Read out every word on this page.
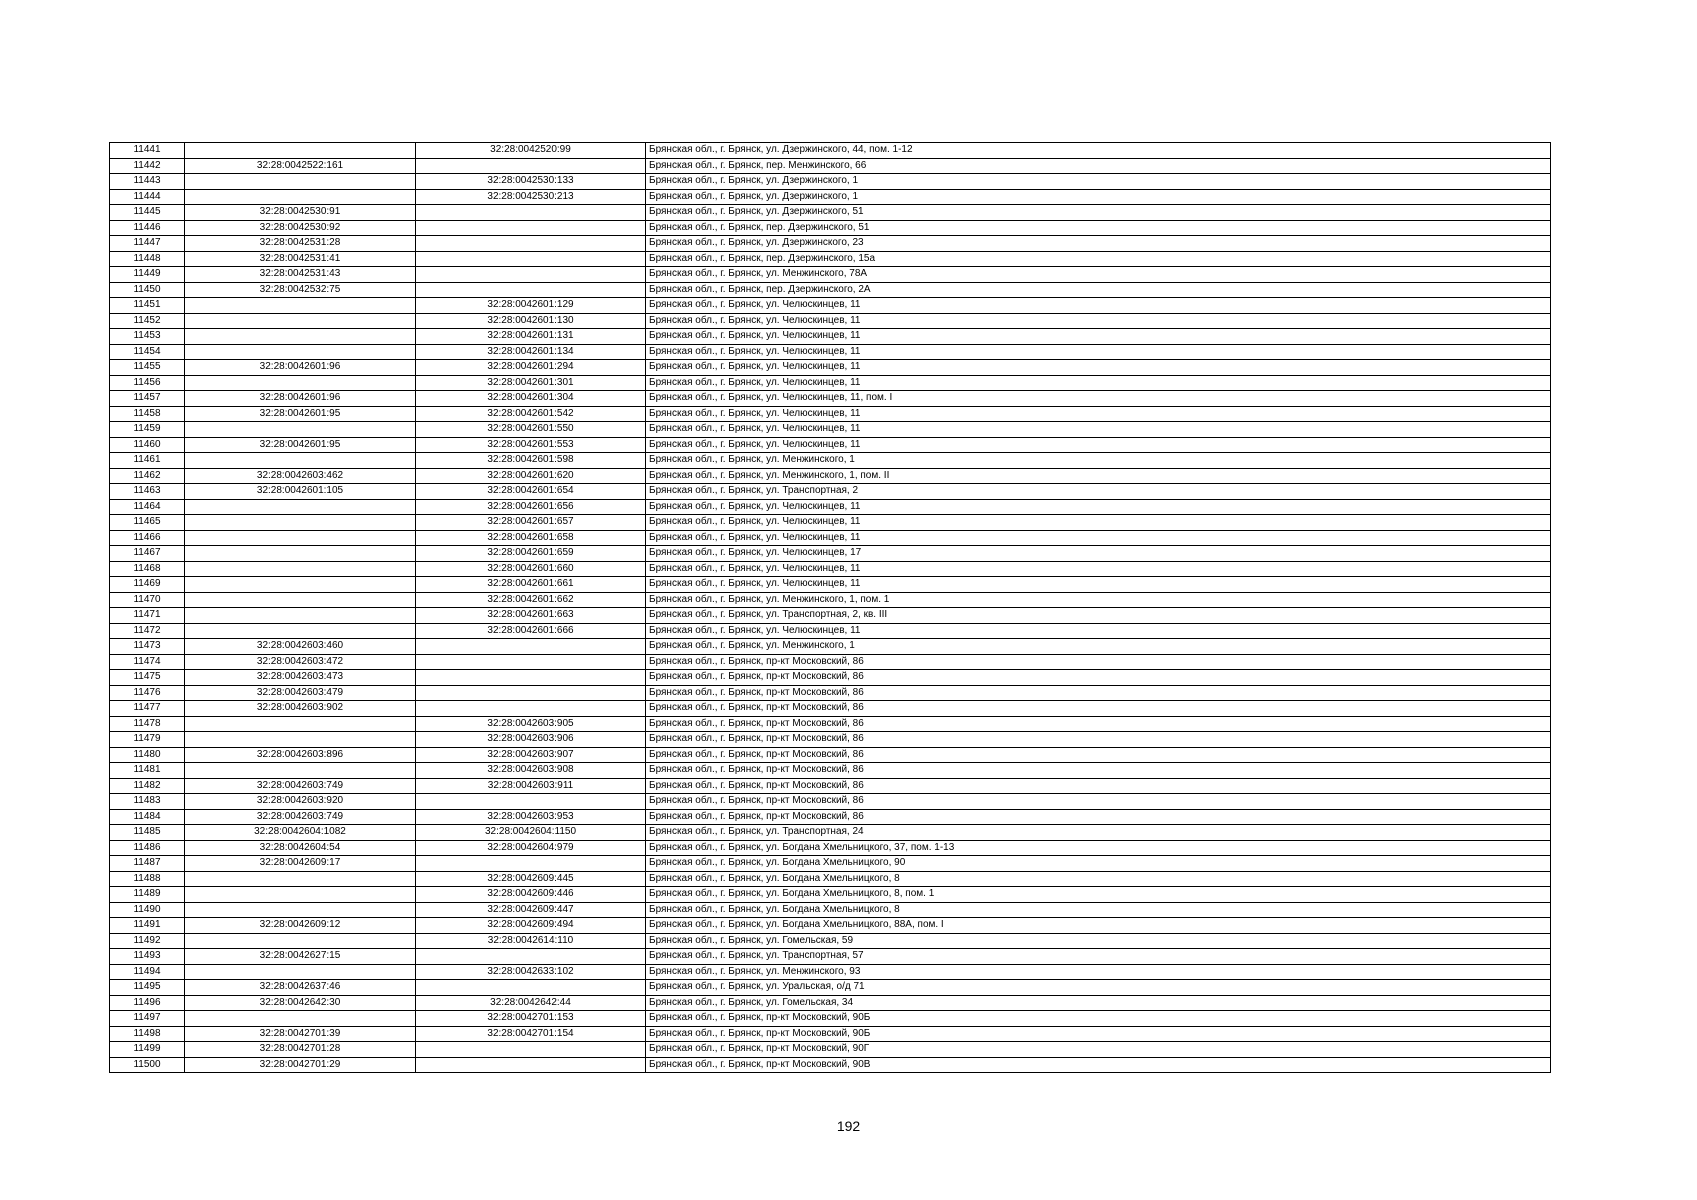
11441		32:28:0042520:99	Брянская обл., г. Брянск, ул. Дзержинского, 44, пом. 1-12
11442	32:28:0042522:161		Брянская обл., г. Брянск, пер. Менжинского, 66
11443		32:28:0042530:133	Брянская обл., г. Брянск, ул. Дзержинского, 1
11444		32:28:0042530:213	Брянская обл., г. Брянск, ул. Дзержинского, 1
11445	32:28:0042530:91		Брянская обл., г. Брянск, ул. Дзержинского, 51
11446	32:28:0042530:92		Брянская обл., г. Брянск, пер. Дзержинского, 51
11447	32:28:0042531:28		Брянская обл., г. Брянск, ул. Дзержинского, 23
11448	32:28:0042531:41		Брянская обл., г. Брянск, пер. Дзержинского, 15а
11449	32:28:0042531:43		Брянская обл., г. Брянск, ул. Менжинского, 78А
11450	32:28:0042532:75		Брянская обл., г. Брянск, пер. Дзержинского, 2А
11451		32:28:0042601:129	Брянская обл., г. Брянск, ул. Челюскинцев, 11
11452		32:28:0042601:130	Брянская обл., г. Брянск, ул. Челюскинцев, 11
11453		32:28:0042601:131	Брянская обл., г. Брянск, ул. Челюскинцев, 11
11454		32:28:0042601:134	Брянская обл., г. Брянск, ул. Челюскинцев, 11
11455	32:28:0042601:96	32:28:0042601:294	Брянская обл., г. Брянск, ул. Челюскинцев, 11
11456		32:28:0042601:301	Брянская обл., г. Брянск, ул. Челюскинцев, 11
11457	32:28:0042601:96	32:28:0042601:304	Брянская обл., г. Брянск, ул. Челюскинцев, 11, пом. I
11458	32:28:0042601:95	32:28:0042601:542	Брянская обл., г. Брянск, ул. Челюскинцев, 11
11459		32:28:0042601:550	Брянская обл., г. Брянск, ул. Челюскинцев, 11
11460	32:28:0042601:95	32:28:0042601:553	Брянская обл., г. Брянск, ул. Челюскинцев, 11
11461		32:28:0042601:598	Брянская обл., г. Брянск, ул. Менжинского, 1
11462	32:28:0042603:462	32:28:0042601:620	Брянская обл., г. Брянск, ул. Менжинского, 1, пом. II
11463	32:28:0042601:105	32:28:0042601:654	Брянская обл., г. Брянск, ул. Транспортная, 2
11464		32:28:0042601:656	Брянская обл., г. Брянск, ул. Челюскинцев, 11
11465		32:28:0042601:657	Брянская обл., г. Брянск, ул. Челюскинцев, 11
11466		32:28:0042601:658	Брянская обл., г. Брянск, ул. Челюскинцев, 11
11467		32:28:0042601:659	Брянская обл., г. Брянск, ул. Челюскинцев, 17
11468		32:28:0042601:660	Брянская обл., г. Брянск, ул. Челюскинцев, 11
11469		32:28:0042601:661	Брянская обл., г. Брянск, ул. Челюскинцев, 11
11470		32:28:0042601:662	Брянская обл., г. Брянск, ул. Менжинского, 1, пом. 1
11471		32:28:0042601:663	Брянская обл., г. Брянск, ул. Транспортная, 2, кв. III
11472		32:28:0042601:666	Брянская обл., г. Брянск, ул. Челюскинцев, 11
11473	32:28:0042603:460		Брянская обл., г. Брянск, ул. Менжинского, 1
11474	32:28:0042603:472		Брянская обл., г. Брянск, пр-кт Московский, 86
11475	32:28:0042603:473		Брянская обл., г. Брянск, пр-кт Московский, 86
11476	32:28:0042603:479		Брянская обл., г. Брянск, пр-кт Московский, 86
11477	32:28:0042603:902		Брянская обл., г. Брянск, пр-кт Московский, 86
11478		32:28:0042603:905	Брянская обл., г. Брянск, пр-кт Московский, 86
11479		32:28:0042603:906	Брянская обл., г. Брянск, пр-кт Московский, 86
11480	32:28:0042603:896	32:28:0042603:907	Брянская обл., г. Брянск, пр-кт Московский, 86
11481		32:28:0042603:908	Брянская обл., г. Брянск, пр-кт Московский, 86
11482	32:28:0042603:749	32:28:0042603:911	Брянская обл., г. Брянск, пр-кт Московский, 86
11483	32:28:0042603:920		Брянская обл., г. Брянск, пр-кт Московский, 86
11484	32:28:0042603:749	32:28:0042603:953	Брянская обл., г. Брянск, пр-кт Московский, 86
11485	32:28:0042604:1082	32:28:0042604:1150	Брянская обл., г. Брянск, ул. Транспортная, 24
11486	32:28:0042604:54	32:28:0042604:979	Брянская обл., г. Брянск, ул. Богдана Хмельницкого, 37, пом. 1-13
11487	32:28:0042609:17		Брянская обл., г. Брянск, ул. Богдана Хмельницкого, 90
11488		32:28:0042609:445	Брянская обл., г. Брянск, ул. Богдана Хмельницкого, 8
11489		32:28:0042609:446	Брянская обл., г. Брянск, ул. Богдана Хмельницкого, 8, пом. 1
11490		32:28:0042609:447	Брянская обл., г. Брянск, ул. Богдана Хмельницкого, 8
11491	32:28:0042609:12	32:28:0042609:494	Брянская обл., г. Брянск, ул. Богдана Хмельницкого, 88А, пом. I
11492		32:28:0042614:110	Брянская обл., г. Брянск, ул. Гомельская, 59
11493	32:28:0042627:15		Брянская обл., г. Брянск, ул. Транспортная, 57
11494		32:28:0042633:102	Брянская обл., г. Брянск, ул. Менжинского, 93
11495	32:28:0042637:46		Брянская обл., г. Брянск, ул. Уральская, о/д 71
11496	32:28:0042642:30	32:28:0042642:44	Брянская обл., г. Брянск, ул. Гомельская, 34
11497		32:28:0042701:153	Брянская обл., г. Брянск, пр-кт Московский, 90Б
11498	32:28:0042701:39	32:28:0042701:154	Брянская обл., г. Брянск, пр-кт Московский, 90Б
11499	32:28:0042701:28		Брянская обл., г. Брянск, пр-кт Московский, 90Г
11500	32:28:0042701:29		Брянская обл., г. Брянск, пр-кт Московский, 90В
192
